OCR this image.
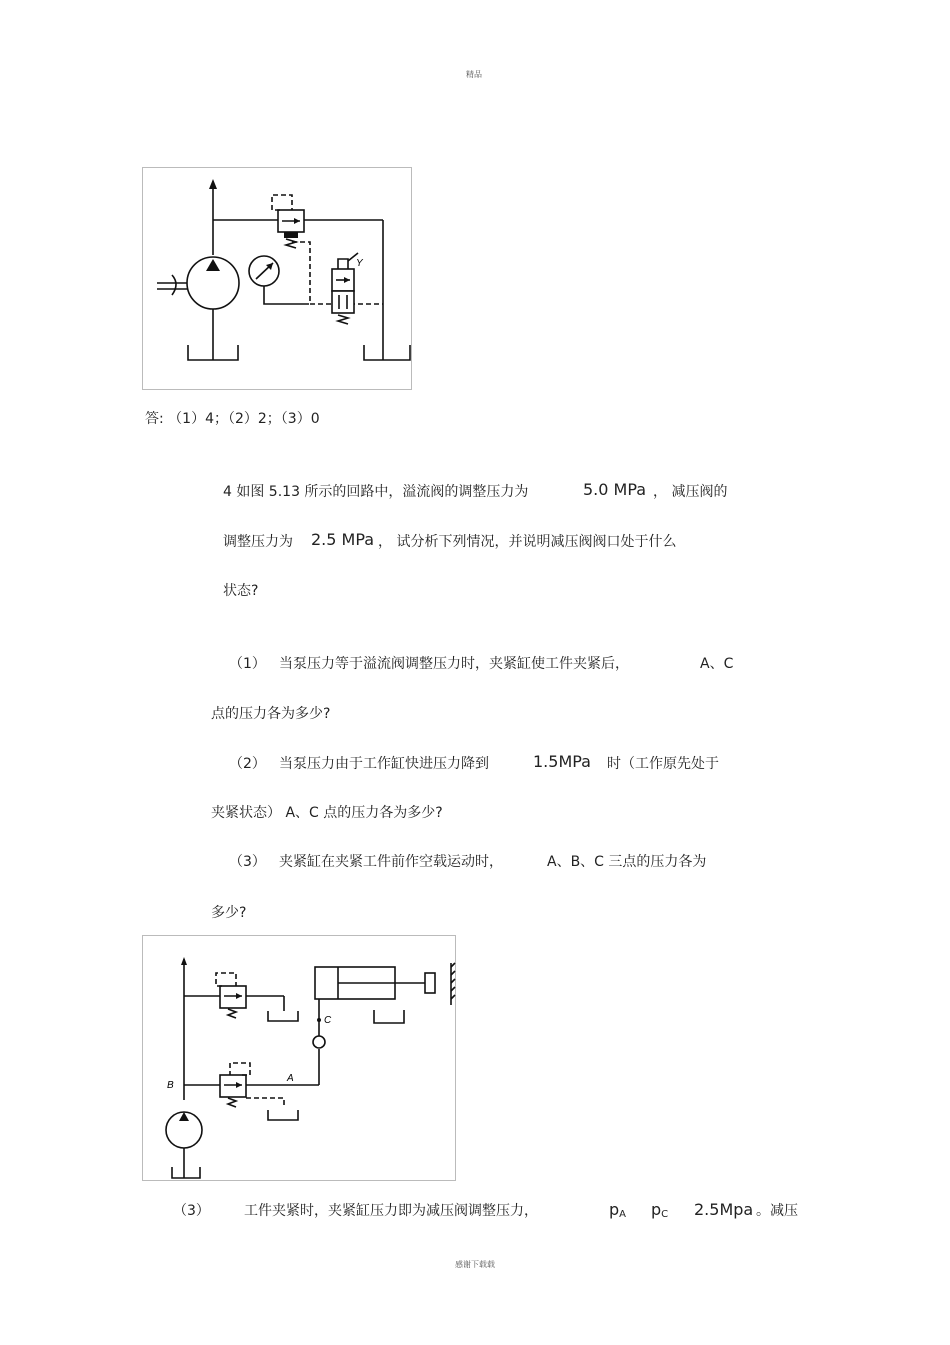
精品
感谢下载载
Y
答: （1）4；（2）2；（3）0
4 如图 5.13 所示的回路中，溢流阀的调整压力为	5.0 MPa ， 减压阀的
调整压力为 2.5 MPa ， 试分析下列情况，并说明减压阀阀口处于什么
状态?
（1） 当泵压力等于溢流阀调整压力时，夹紧缸使工件夹紧后，	A、C
点的压力各为多少?
（2） 当泵压力由于工作缸快进压力降到	1.5MPa 时（工作原先处于
夹紧状态） A、C 点的压力各为多少?
（3） 夹紧缸在夹紧工件前作空载运动时，	A、B、C 三点的压力各为
多少?
B
A
C
（3） 工件夹紧时，夹紧缸压力即为减压阀调整压力，	$p_A$ $p_C$ 2.5Mpa 。减压
